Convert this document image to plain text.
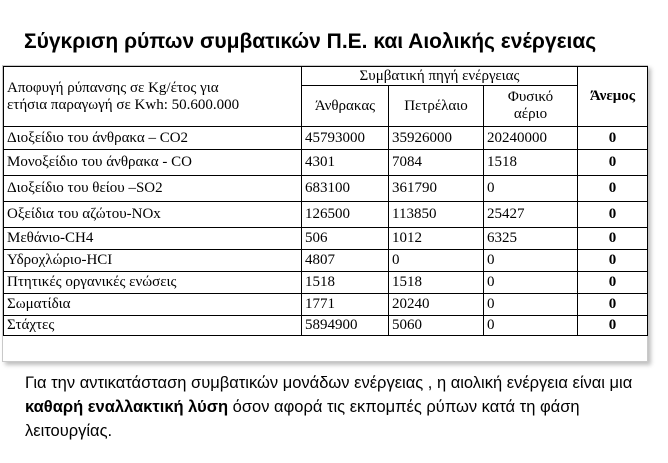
Σύγκριση ρύπων συμβατικών Π.Ε. και Αιολικής ενέργειας
Αποφυγή ρύπανσης σε Kg/έτος για
ετήσια παραγωγή σε Kwh: 50.600.000	Συμβατική πηγή ενέργειας			Άνεμος
	Άνθρακας	Πετρέλαιο	Φυσικό
αέριο	

Διοξείδιο του άνθρακα – CO2	45793000	35926000	20240000	0
Μονοξείδιο του άνθρακα - CO	4301	7084	1518	0
Διοξείδιο του θείου –SO2	683100	361790	0	0
Οξείδια του αζώτου-NOx	126500	113850	25427	0
Μεθάνιο-CH4	506	1012	6325	0
Υδροχλώριο-HCI	4807	0	0	0
Πτητικές οργανικές ενώσεις	1518	1518	0	0
Σωματίδια	1771	20240	0	0
Στάχτες	5894900	5060	0	0
Για την αντικατάσταση συμβατικών μονάδων ενέργειας , η αιολική ενέργεια είναι μια καθαρή εναλλακτική λύση όσον αφορά τις εκπομπές ρύπων κατά τη φάση λειτουργίας.
